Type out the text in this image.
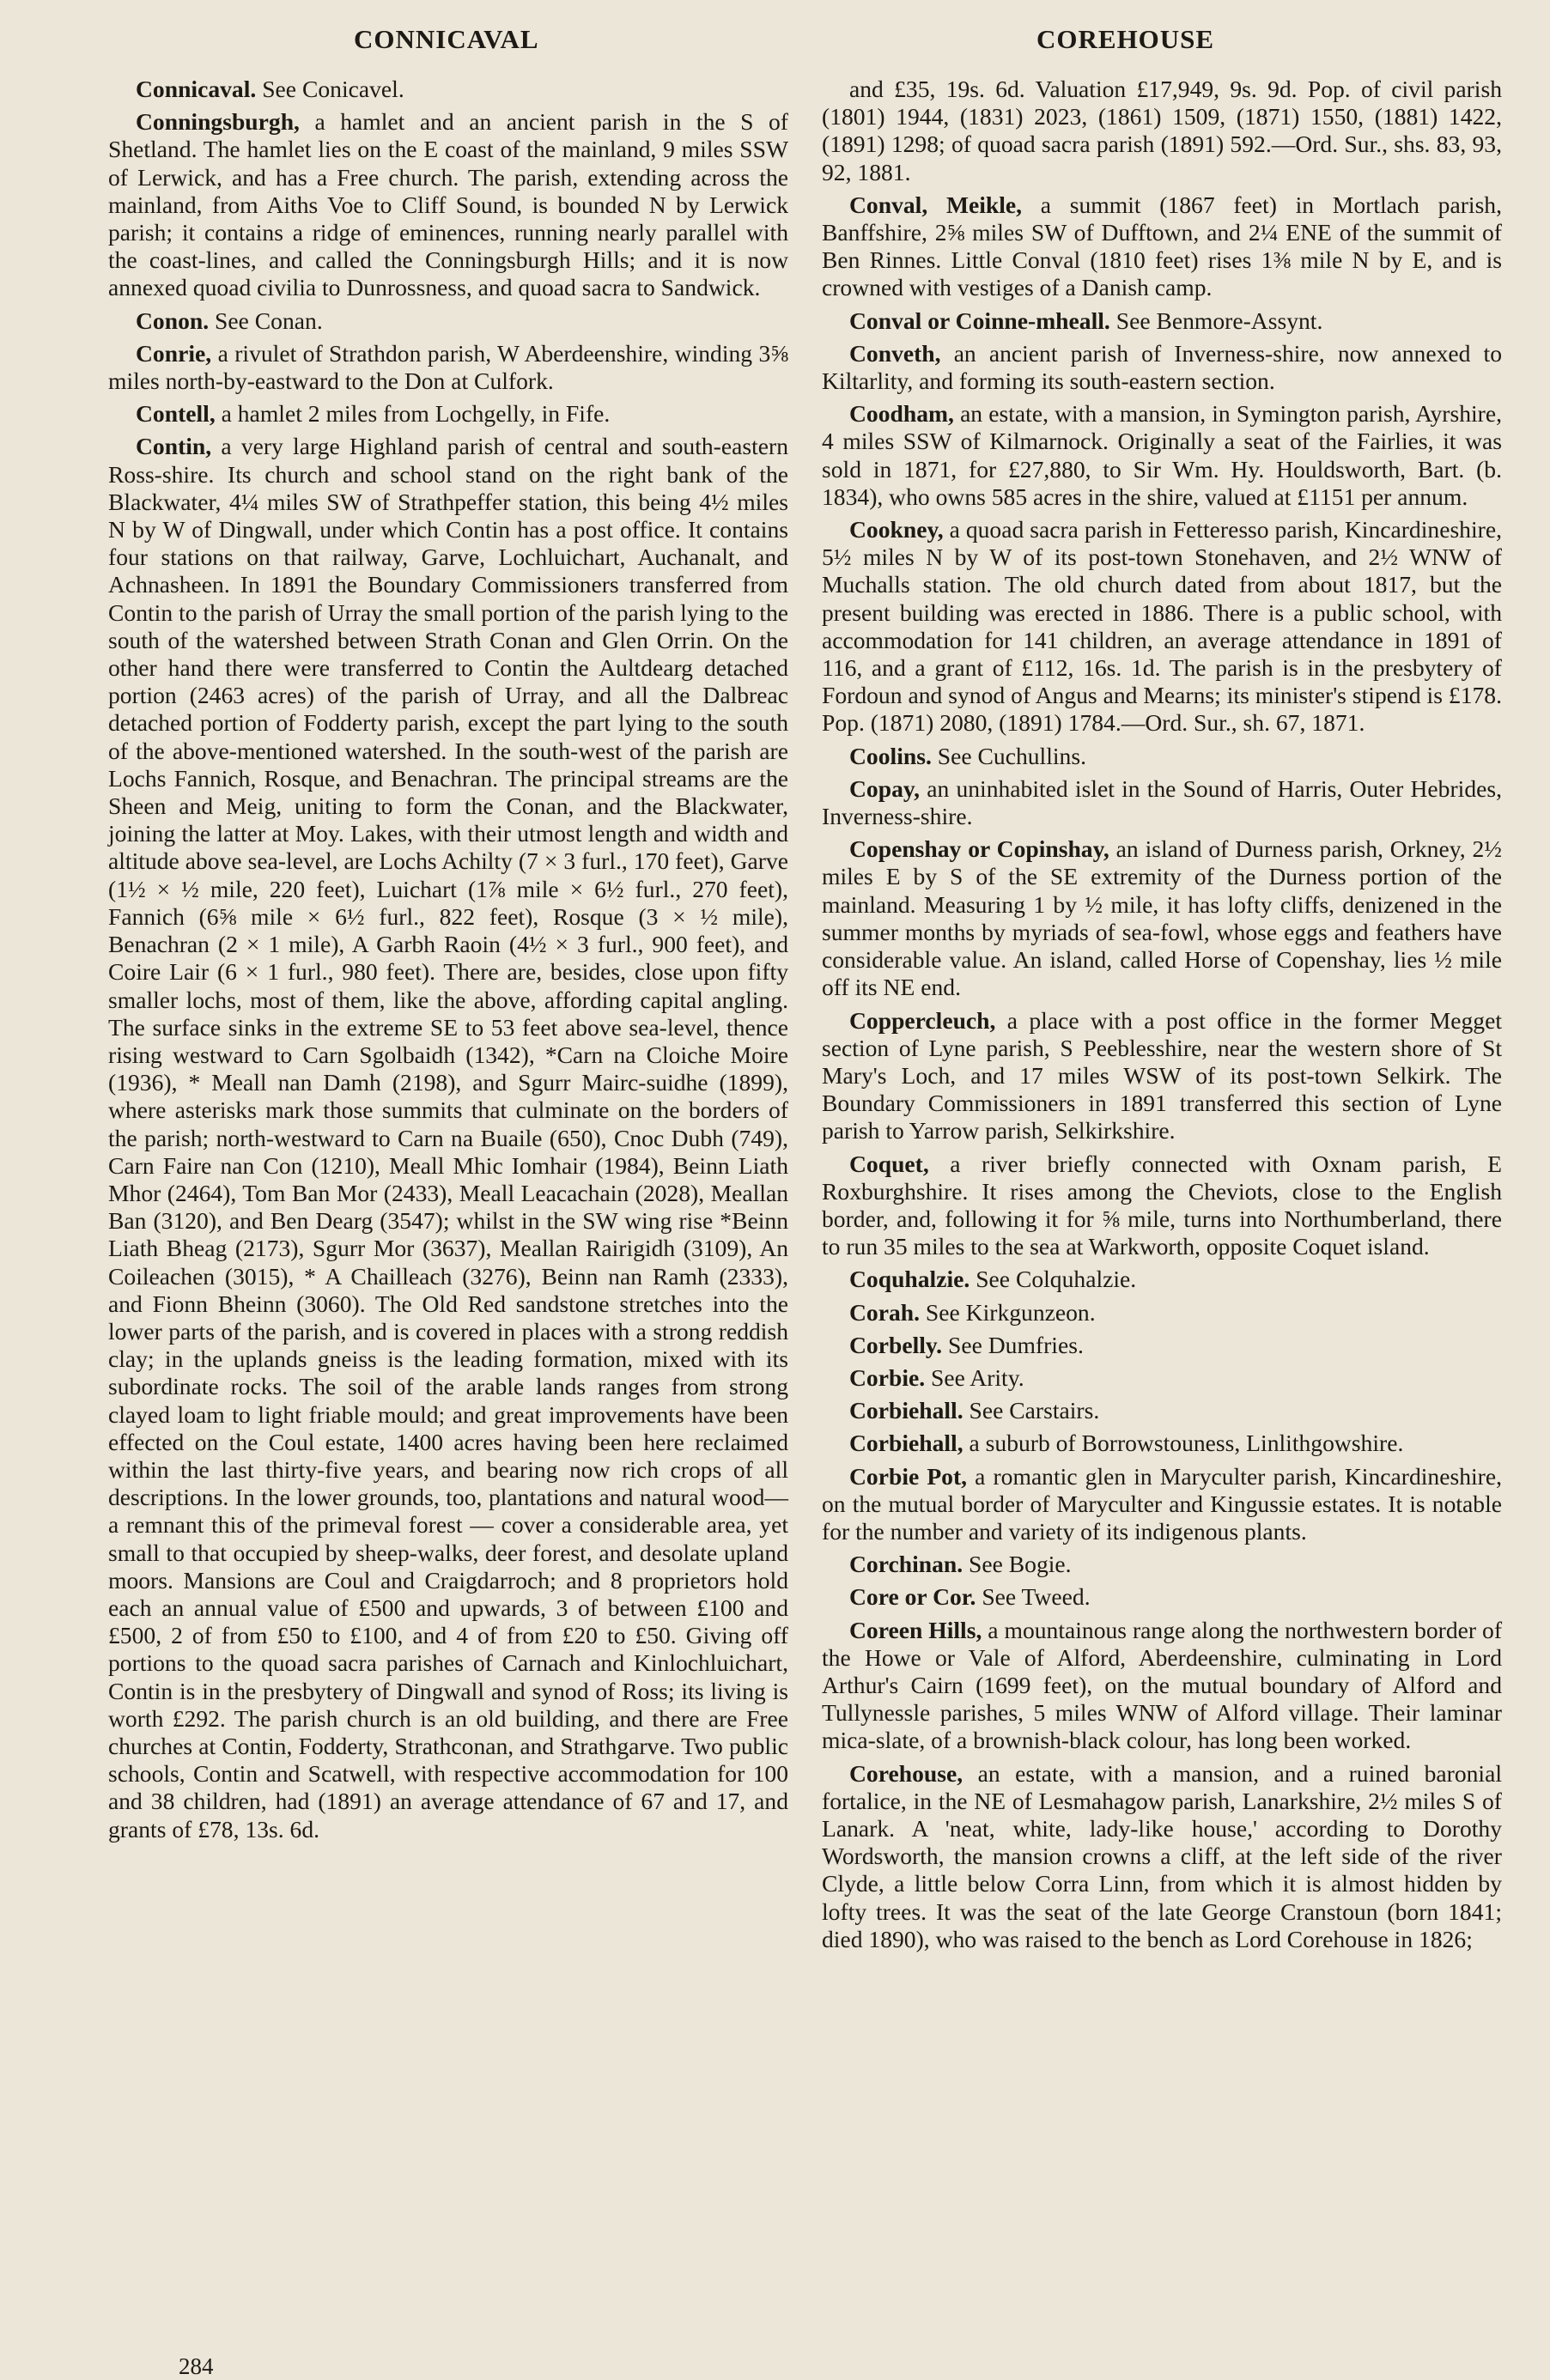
CONNICAVAL	COREHOUSE

Connicaval. See Conicavel.

Conningsburgh, a hamlet and an ancient parish in the S of Shetland. The hamlet lies on the E coast of the mainland, 9 miles SSW of Lerwick, and has a Free church. The parish, extending across the mainland, from Aiths Voe to Cliff Sound, is bounded N by Lerwick parish; it contains a ridge of eminences, running nearly parallel with the coast-lines, and called the Conningsburgh Hills; and it is now annexed quoad civilia to Dunrossness, and quoad sacra to Sandwick.

Conon. See Conan.

Conrie, a rivulet of Strathdon parish, W Aberdeenshire, winding 3⅝ miles north-by-eastward to the Don at Culfork.

Contell, a hamlet 2 miles from Lochgelly, in Fife.

Contin, a very large Highland parish of central and south-eastern Ross-shire. Its church and school stand on the right bank of the Blackwater, 4¼ miles SW of Strathpeffer station, this being 4½ miles N by W of Dingwall, under which Contin has a post office. It contains four stations on that railway, Garve, Lochluichart, Auchanalt, and Achnasheen. In 1891 the Boundary Commissioners transferred from Contin to the parish of Urray the small portion of the parish lying to the south of the watershed between Strath Conan and Glen Orrin. On the other hand there were transferred to Contin the Aultdearg detached portion (2463 acres) of the parish of Urray, and all the Dalbreac detached portion of Fodderty parish, except the part lying to the south of the above-mentioned watershed. In the south-west of the parish are Lochs Fannich, Rosque, and Benachran. The principal streams are the Sheen and Meig, uniting to form the Conan, and the Blackwater, joining the latter at Moy. Lakes, with their utmost length and width and altitude above sea-level, are Lochs Achilty (7 × 3 furl., 170 feet), Garve (1½ × ½ mile, 220 feet), Luichart (1⅞ mile × 6½ furl., 270 feet), Fannich (6⅝ mile × 6½ furl., 822 feet), Rosque (3 × ½ mile), Benachran (2 × 1 mile), A Garbh Raoin (4½ × 3 furl., 900 feet), and Coire Lair (6 × 1 furl., 980 feet). There are, besides, close upon fifty smaller lochs, most of them, like the above, affording capital angling. The surface sinks in the extreme SE to 53 feet above sea-level, thence rising westward to Carn Sgolbaidh (1342), *Carn na Cloiche Moire (1936), * Meall nan Damh (2198), and Sgurr Mairc-suidhe (1899), where asterisks mark those summits that culminate on the borders of the parish; north-westward to Carn na Buaile (650), Cnoc Dubh (749), Carn Faire nan Con (1210), Meall Mhic Iomhair (1984), Beinn Liath Mhor (2464), Tom Ban Mor (2433), Meall Leacachain (2028), Meallan Ban (3120), and Ben Dearg (3547); whilst in the SW wing rise *Beinn Liath Bheag (2173), Sgurr Mor (3637), Meallan Rairigidh (3109), An Coileachen (3015), * A Chailleach (3276), Beinn nan Ramh (2333), and Fionn Bheinn (3060). The Old Red sandstone stretches into the lower parts of the parish, and is covered in places with a strong reddish clay; in the uplands gneiss is the leading formation, mixed with its subordinate rocks. The soil of the arable lands ranges from strong clayed loam to light friable mould; and great improvements have been effected on the Coul estate, 1400 acres having been here reclaimed within the last thirty-five years, and bearing now rich crops of all descriptions. In the lower grounds, too, plantations and natural wood—a remnant this of the primeval forest — cover a considerable area, yet small to that occupied by sheep-walks, deer forest, and desolate upland moors. Mansions are Coul and Craigdarroch; and 8 proprietors hold each an annual value of £500 and upwards, 3 of between £100 and £500, 2 of from £50 to £100, and 4 of from £20 to £50. Giving off portions to the quoad sacra parishes of Carnach and Kinlochluichart, Contin is in the presbytery of Dingwall and synod of Ross; its living is worth £292. The parish church is an old building, and there are Free churches at Contin, Fodderty, Strathconan, and Strathgarve. Two public schools, Contin and Scatwell, with respective accommodation for 100 and 38 children, had (1891) an average attendance of 67 and 17, and grants of £78, 13s. 6d.

and £35, 19s. 6d. Valuation £17,949, 9s. 9d. Pop. of civil parish (1801) 1944, (1831) 2023, (1861) 1509, (1871) 1550, (1881) 1422, (1891) 1298; of quoad sacra parish (1891) 592.—Ord. Sur., shs. 83, 93, 92, 1881.

Conval, Meikle, a summit (1867 feet) in Mortlach parish, Banffshire, 2⅝ miles SW of Dufftown, and 2¼ ENE of the summit of Ben Rinnes. Little Conval (1810 feet) rises 1⅜ mile N by E, and is crowned with vestiges of a Danish camp.

Conval or Coinne-mheall. See Benmore-Assynt.

Conveth, an ancient parish of Inverness-shire, now annexed to Kiltarlity, and forming its south-eastern section.

Coodham, an estate, with a mansion, in Symington parish, Ayrshire, 4 miles SSW of Kilmarnock. Originally a seat of the Fairlies, it was sold in 1871, for £27,880, to Sir Wm. Hy. Houldsworth, Bart. (b. 1834), who owns 585 acres in the shire, valued at £1151 per annum.

Cookney, a quoad sacra parish in Fetteresso parish, Kincardineshire, 5½ miles N by W of its post-town Stonehaven, and 2½ WNW of Muchalls station. The old church dated from about 1817, but the present building was erected in 1886. There is a public school, with accommodation for 141 children, an average attendance in 1891 of 116, and a grant of £112, 16s. 1d. The parish is in the presbytery of Fordoun and synod of Angus and Mearns; its minister's stipend is £178. Pop. (1871) 2080, (1891) 1784.—Ord. Sur., sh. 67, 1871.

Coolins. See Cuchullins.

Copay, an uninhabited islet in the Sound of Harris, Outer Hebrides, Inverness-shire.

Copenshay or Copinshay, an island of Durness parish, Orkney, 2½ miles E by S of the SE extremity of the Durness portion of the mainland. Measuring 1 by ½ mile, it has lofty cliffs, denizened in the summer months by myriads of sea-fowl, whose eggs and feathers have considerable value. An island, called Horse of Copenshay, lies ½ mile off its NE end.

Coppercleuch, a place with a post office in the former Megget section of Lyne parish, S Peeblesshire, near the western shore of St Mary's Loch, and 17 miles WSW of its post-town Selkirk. The Boundary Commissioners in 1891 transferred this section of Lyne parish to Yarrow parish, Selkirkshire.

Coquet, a river briefly connected with Oxnam parish, E Roxburghshire. It rises among the Cheviots, close to the English border, and, following it for ⅝ mile, turns into Northumberland, there to run 35 miles to the sea at Warkworth, opposite Coquet island.

Coquhalzie. See Colquhalzie.

Corah. See Kirkgunzeon.

Corbelly. See Dumfries.

Corbie. See Arity.

Corbiehall. See Carstairs.

Corbiehall, a suburb of Borrowstouness, Linlithgowshire.

Corbie Pot, a romantic glen in Maryculter parish, Kincardineshire, on the mutual border of Maryculter and Kingussie estates. It is notable for the number and variety of its indigenous plants.

Corchinan. See Bogie.

Core or Cor. See Tweed.

Coreen Hills, a mountainous range along the northwestern border of the Howe or Vale of Alford, Aberdeenshire, culminating in Lord Arthur's Cairn (1699 feet), on the mutual boundary of Alford and Tullynessle parishes, 5 miles WNW of Alford village. Their laminar mica-slate, of a brownish-black colour, has long been worked.

Corehouse, an estate, with a mansion, and a ruined baronial fortalice, in the NE of Lesmahagow parish, Lanarkshire, 2½ miles S of Lanark. A 'neat, white, lady-like house,' according to Dorothy Wordsworth, the mansion crowns a cliff, at the left side of the river Clyde, a little below Corra Linn, from which it is almost hidden by lofty trees. It was the seat of the late George Cranstoun (born 1841; died 1890), who was raised to the bench as Lord Corehouse in 1826;

284
